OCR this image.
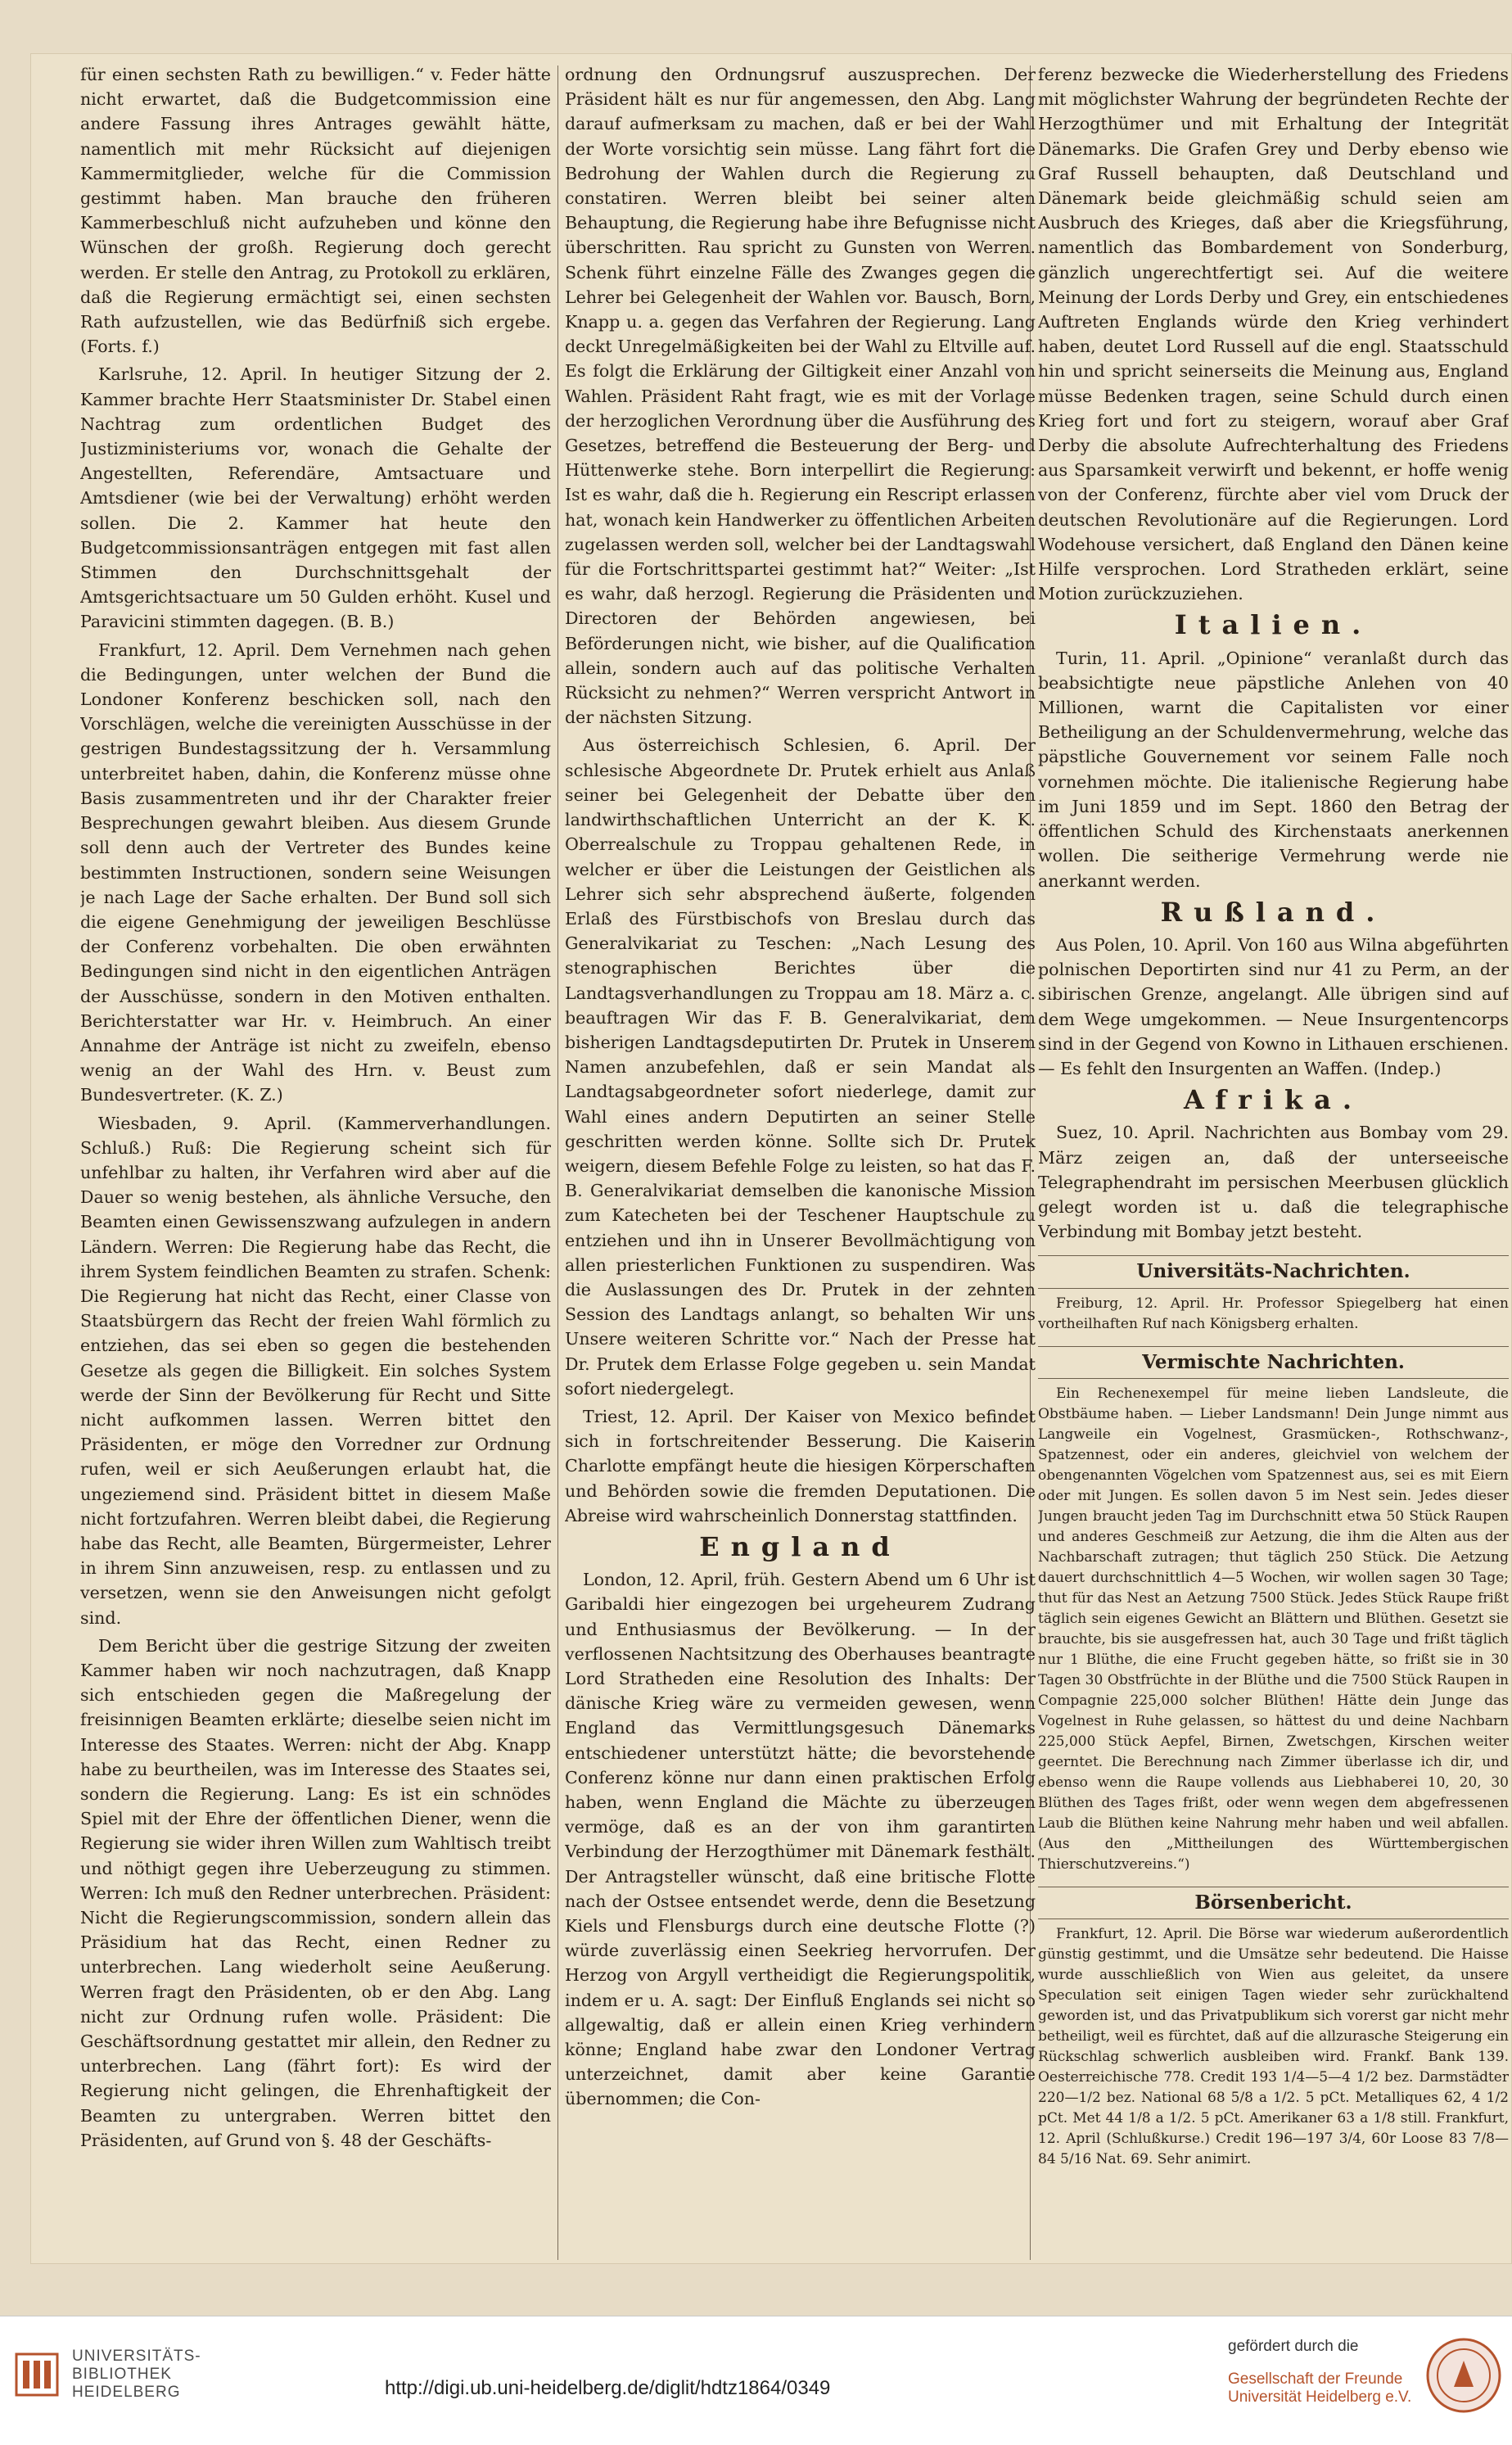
für einen sechsten Rath zu bewilligen.“ v. Feder hätte nicht erwartet, daß die Budgetcommission eine andere Fassung ihres Antrages gewählt hätte, namentlich mit mehr Rücksicht auf diejenigen Kammermitglieder, welche für die Commission gestimmt haben. Man brauche den früheren Kammerbeschluß nicht aufzuheben und könne den Wünschen der großh. Regierung doch gerecht werden. Er stelle den Antrag, zu Protokoll zu erklären, daß die Regierung ermächtigt sei, einen sechsten Rath aufzustellen, wie das Bedürfniß sich ergebe. (Forts. f.)

Karlsruhe, 12. April. In heutiger Sitzung der 2. Kammer brachte Herr Staatsminister Dr. Stabel einen Nachtrag zum ordentlichen Budget des Justizministeriums vor, wonach die Gehalte der Angestellten, Referendäre, Amtsactuare und Amtsdiener (wie bei der Verwaltung) erhöht werden sollen. Die 2. Kammer hat heute den Budgetcommissionsanträgen entgegen mit fast allen Stimmen den Durchschnittsgehalt der Amtsgerichtsactuare um 50 Gulden erhöht. Kusel und Paravicini stimmten dagegen. (B. B.)

Frankfurt, 12. April. Dem Vernehmen nach gehen die Bedingungen, unter welchen der Bund die Londoner Konferenz beschicken soll, nach den Vorschlägen, welche die vereinigten Ausschüsse in der gestrigen Bundestagssitzung der h. Versammlung unterbreitet haben, dahin, die Konferenz müsse ohne Basis zusammentreten und ihr der Charakter freier Besprechungen gewahrt bleiben. Aus diesem Grunde soll denn auch der Vertreter des Bundes keine bestimmten Instructionen, sondern seine Weisungen je nach Lage der Sache erhalten. Der Bund soll sich die eigene Genehmigung der jeweiligen Beschlüsse der Conferenz vorbehalten. Die oben erwähnten Bedingungen sind nicht in den eigentlichen Anträgen der Ausschüsse, sondern in den Motiven enthalten. Berichterstatter war Hr. v. Heimbruch. An einer Annahme der Anträge ist nicht zu zweifeln, ebenso wenig an der Wahl des Hrn. v. Beust zum Bundesvertreter. (K. Z.)

Wiesbaden, 9. April. (Kammerverhandlungen. Schluß.) Ruß: Die Regierung scheint sich für unfehlbar zu halten, ihr Verfahren wird aber auf die Dauer so wenig bestehen, als ähnliche Versuche, den Beamten einen Gewissenszwang aufzulegen in andern Ländern. Werren: Die Regierung habe das Recht, die ihrem System feindlichen Beamten zu strafen. Schenk: Die Regierung hat nicht das Recht, einer Classe von Staatsbürgern das Recht der freien Wahl förmlich zu entziehen, das sei eben so gegen die bestehenden Gesetze als gegen die Billigkeit. Ein solches System werde der Sinn der Bevölkerung für Recht und Sitte nicht aufkommen lassen. Werren bittet den Präsidenten, er möge den Vorredner zur Ordnung rufen, weil er sich Aeußerungen erlaubt hat, die ungeziemend sind. Präsident bittet in diesem Maße nicht fortzufahren. Werren bleibt dabei, die Regierung habe das Recht, alle Beamten, Bürgermeister, Lehrer in ihrem Sinn anzuweisen, resp. zu entlassen und zu versetzen, wenn sie den Anweisungen nicht gefolgt sind.

Dem Bericht über die gestrige Sitzung der zweiten Kammer haben wir noch nachzutragen, daß Knapp sich entschieden gegen die Maßregelung der freisinnigen Beamten erklärte; dieselbe seien nicht im Interesse des Staates. Werren: nicht der Abg. Knapp habe zu beurtheilen, was im Interesse des Staates sei, sondern die Regierung. Lang: Es ist ein schnödes Spiel mit der Ehre der öffentlichen Diener, wenn die Regierung sie wider ihren Willen zum Wahltisch treibt und nöthigt gegen ihre Ueberzeugung zu stimmen. Werren: Ich muß den Redner unterbrechen. Präsident: Nicht die Regierungscommission, sondern allein das Präsidium hat das Recht, einen Redner zu unterbrechen. Lang wiederholt seine Aeußerung. Werren fragt den Präsidenten, ob er den Abg. Lang nicht zur Ordnung rufen wolle. Präsident: Die Geschäftsordnung gestattet mir allein, den Redner zu unterbrechen. Lang (fährt fort): Es wird der Regierung nicht gelingen, die Ehrenhaftigkeit der Beamten zu untergraben. Werren bittet den Präsidenten, auf Grund von §. 48 der Geschäfts-

ordnung den Ordnungsruf auszusprechen. Der Präsident hält es nur für angemessen, den Abg. Lang darauf aufmerksam zu machen, daß er bei der Wahl der Worte vorsichtig sein müsse. Lang fährt fort die Bedrohung der Wahlen durch die Regierung zu constatiren. Werren bleibt bei seiner alten Behauptung, die Regierung habe ihre Befugnisse nicht überschritten. Rau spricht zu Gunsten von Werren. Schenk führt einzelne Fälle des Zwanges gegen die Lehrer bei Gelegenheit der Wahlen vor. Bausch, Born, Knapp u. a. gegen das Verfahren der Regierung. Lang deckt Unregelmäßigkeiten bei der Wahl zu Eltville auf. Es folgt die Erklärung der Giltigkeit einer Anzahl von Wahlen. Präsident Raht fragt, wie es mit der Vorlage der herzoglichen Verordnung über die Ausführung des Gesetzes, betreffend die Besteuerung der Berg- und Hüttenwerke stehe. Born interpellirt die Regierung: Ist es wahr, daß die h. Regierung ein Rescript erlassen hat, wonach kein Handwerker zu öffentlichen Arbeiten zugelassen werden soll, welcher bei der Landtagswahl für die Fortschrittspartei gestimmt hat?“ Weiter: „Ist es wahr, daß herzogl. Regierung die Präsidenten und Directoren der Behörden angewiesen, bei Beförderungen nicht, wie bisher, auf die Qualification allein, sondern auch auf das politische Verhalten Rücksicht zu nehmen?“ Werren verspricht Antwort in der nächsten Sitzung.

Aus österreichisch Schlesien, 6. April. Der schlesische Abgeordnete Dr. Prutek erhielt aus Anlaß seiner bei Gelegenheit der Debatte über den landwirthschaftlichen Unterricht an der K. K. Oberrealschule zu Troppau gehaltenen Rede, in welcher er über die Leistungen der Geistlichen als Lehrer sich sehr absprechend äußerte, folgenden Erlaß des Fürstbischofs von Breslau durch das Generalvikariat zu Teschen: „Nach Lesung des stenographischen Berichtes über die Landtagsverhandlungen zu Troppau am 18. März a. c. beauftragen Wir das F. B. Generalvikariat, dem bisherigen Landtagsdeputirten Dr. Prutek in Unserem Namen anzubefehlen, daß er sein Mandat als Landtagsabgeordneter sofort niederlege, damit zur Wahl eines andern Deputirten an seiner Stelle geschritten werden könne. Sollte sich Dr. Prutek weigern, diesem Befehle Folge zu leisten, so hat das F. B. Generalvikariat demselben die kanonische Mission zum Katecheten bei der Teschener Hauptschule zu entziehen und ihn in Unserer Bevollmächtigung von allen priesterlichen Funktionen zu suspendiren. Was die Auslassungen des Dr. Prutek in der zehnten Session des Landtags anlangt, so behalten Wir uns Unsere weiteren Schritte vor.“ Nach der Presse hat Dr. Prutek dem Erlasse Folge gegeben u. sein Mandat sofort niedergelegt.

Triest, 12. April. Der Kaiser von Mexico befindet sich in fortschreitender Besserung. Die Kaiserin Charlotte empfängt heute die hiesigen Körperschaften und Behörden sowie die fremden Deputationen. Die Abreise wird wahrscheinlich Donnerstag stattfinden.

England

London, 12. April, früh. Gestern Abend um 6 Uhr ist Garibaldi hier eingezogen bei urgeheurem Zudrang und Enthusiasmus der Bevölkerung. — In der verflossenen Nachtsitzung des Oberhauses beantragte Lord Stratheden eine Resolution des Inhalts: Der dänische Krieg wäre zu vermeiden gewesen, wenn England das Vermittlungsgesuch Dänemarks entschiedener unterstützt hätte; die bevorstehende Conferenz könne nur dann einen praktischen Erfolg haben, wenn England die Mächte zu überzeugen vermöge, daß es an der von ihm garantirten Verbindung der Herzogthümer mit Dänemark festhält. Der Antragsteller wünscht, daß eine britische Flotte nach der Ostsee entsendet werde, denn die Besetzung Kiels und Flensburgs durch eine deutsche Flotte (?) würde zuverlässig einen Seekrieg hervorrufen. Der Herzog von Argyll vertheidigt die Regierungspolitik, indem er u. A. sagt: Der Einfluß Englands sei nicht so allgewaltig, daß er allein einen Krieg verhindern könne; England habe zwar den Londoner Vertrag unterzeichnet, damit aber keine Garantie übernommen; die Con-

ferenz bezwecke die Wiederherstellung des Friedens mit möglichster Wahrung der begründeten Rechte der Herzogthümer und mit Erhaltung der Integrität Dänemarks. Die Grafen Grey und Derby ebenso wie Graf Russell behaupten, daß Deutschland und Dänemark beide gleichmäßig schuld seien am Ausbruch des Krieges, daß aber die Kriegsführung, namentlich das Bombardement von Sonderburg, gänzlich ungerechtfertigt sei. Auf die weitere Meinung der Lords Derby und Grey, ein entschiedenes Auftreten Englands würde den Krieg verhindert haben, deutet Lord Russell auf die engl. Staatsschuld hin und spricht seinerseits die Meinung aus, England müsse Bedenken tragen, seine Schuld durch einen Krieg fort und fort zu steigern, worauf aber Graf Derby die absolute Aufrechterhaltung des Friedens aus Sparsamkeit verwirft und bekennt, er hoffe wenig von der Conferenz, fürchte aber viel vom Druck der deutschen Revolutionäre auf die Regierungen. Lord Wodehouse versichert, daß England den Dänen keine Hilfe versprochen. Lord Stratheden erklärt, seine Motion zurückzuziehen.

Italien.

Turin, 11. April. „Opinione“ veranlaßt durch das beabsichtigte neue päpstliche Anlehen von 40 Millionen, warnt die Capitalisten vor einer Betheiligung an der Schuldenvermehrung, welche das päpstliche Gouvernement vor seinem Falle noch vornehmen möchte. Die italienische Regierung habe im Juni 1859 und im Sept. 1860 den Betrag der öffentlichen Schuld des Kirchenstaats anerkennen wollen. Die seitherige Vermehrung werde nie anerkannt werden.

Rußland.

Aus Polen, 10. April. Von 160 aus Wilna abgeführten polnischen Deportirten sind nur 41 zu Perm, an der sibirischen Grenze, angelangt. Alle übrigen sind auf dem Wege umgekommen. — Neue Insurgentencorps sind in der Gegend von Kowno in Lithauen erschienen. — Es fehlt den Insurgenten an Waffen. (Indep.)

Afrika.

Suez, 10. April. Nachrichten aus Bombay vom 29. März zeigen an, daß der unterseeische Telegraphendraht im persischen Meerbusen glücklich gelegt worden ist u. daß die telegraphische Verbindung mit Bombay jetzt besteht.

Universitäts-Nachrichten.

Freiburg, 12. April. Hr. Professor Spiegelberg hat einen vortheilhaften Ruf nach Königsberg erhalten.

Vermischte Nachrichten.

Ein Rechenexempel für meine lieben Landsleute, die Obstbäume haben. — Lieber Landsmann! Dein Junge nimmt aus Langweile ein Vogelnest, Grasmücken-, Rothschwanz-, Spatzennest, oder ein anderes, gleichviel von welchem der obengenannten Vögelchen vom Spatzennest aus, sei es mit Eiern oder mit Jungen. Es sollen davon 5 im Nest sein. Jedes dieser Jungen braucht jeden Tag im Durchschnitt etwa 50 Stück Raupen und anderes Geschmeiß zur Aetzung, die ihm die Alten aus der Nachbarschaft zutragen; thut täglich 250 Stück. Die Aetzung dauert durchschnittlich 4—5 Wochen, wir wollen sagen 30 Tage; thut für das Nest an Aetzung 7500 Stück. Jedes Stück Raupe frißt täglich sein eigenes Gewicht an Blättern und Blüthen. Gesetzt sie brauchte, bis sie ausgefressen hat, auch 30 Tage und frißt täglich nur 1 Blüthe, die eine Frucht gegeben hätte, so frißt sie in 30 Tagen 30 Obstfrüchte in der Blüthe und die 7500 Stück Raupen in Compagnie 225,000 solcher Blüthen! Hätte dein Junge das Vogelnest in Ruhe gelassen, so hättest du und deine Nachbarn 225,000 Stück Aepfel, Birnen, Zwetschgen, Kirschen weiter geerntet. Die Berechnung nach Zimmer überlasse ich dir, und ebenso wenn die Raupe vollends aus Liebhaberei 10, 20, 30 Blüthen des Tages frißt, oder wenn wegen dem abgefressenen Laub die Blüthen keine Nahrung mehr haben und weil abfallen. (Aus den „Mittheilungen des Württembergischen Thierschutzvereins.“)

Börsenbericht.

Frankfurt, 12. April. Die Börse war wiederum außerordentlich günstig gestimmt, und die Umsätze sehr bedeutend. Die Haisse wurde ausschließlich von Wien aus geleitet, da unsere Speculation seit einigen Tagen wieder sehr zurückhaltend geworden ist, und das Privatpublikum sich vorerst gar nicht mehr betheiligt, weil es fürchtet, daß auf die allzurasche Steigerung ein Rückschlag schwerlich ausbleiben wird. Frankf. Bank 139. Oesterreichische 778. Credit 193 1/4—5—4 1/2 bez. Darmstädter 220—1/2 bez. National 68 5/8 a 1/2. 5 pCt. Metalliques 62, 4 1/2 pCt. Met 44 1/8 a 1/2. 5 pCt. Amerikaner 63 a 1/8 still. Frankfurt, 12. April (Schlußkurse.) Credit 196—197 3/4, 60r Loose 83 7/8—84 5/16 Nat. 69. Sehr animirt.

UNIVERSITÄTS-
BIBLIOTHEK
HEIDELBERG	http://digi.ub.uni-heidelberg.de/diglit/hdtz1864/0349
gefördert durch die
Gesellschaft der Freunde
Universität Heidelberg e.V.
